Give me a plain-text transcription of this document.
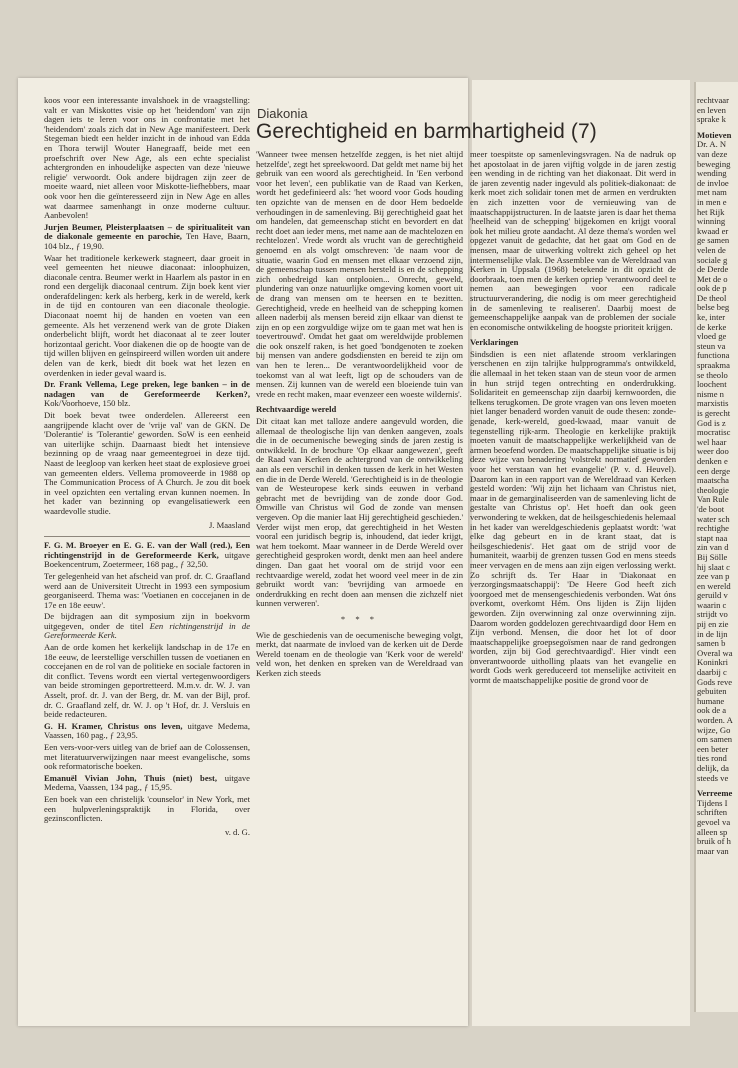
Diakonia
Gerechtigheid en barmhartigheid (7)

koos voor een interessante invalshoek in de vraagstelling: valt er van Miskottes visie op het 'heidendom' van zijn dagen iets te leren voor ons in confrontatie met het 'heidendom' zoals zich dat in New Age manifesteert. Derk Stegeman biedt een helder inzicht in de inhoud van Edda en Thora terwijl Wouter Hanegraaff, beide met een proefschrift over New Age, als een echte specialist achtergronden en inhoudelijke aspecten van deze 'nieuwe religie' verwoordt. Ook andere bijdragen zijn zeer de moeite waard, niet alleen voor Miskotte-liefhebbers, maar ook voor hen die geïnteresseerd zijn in New Age en alles wat daarmee samenhangt in onze moderne cultuur. Aanbevolen!

Jurjen Beumer, Pleisterplaatsen – de spiritualiteit van de diakonale gemeente en parochie, Ten Have, Baarn, 104 blz., ƒ 19,90.

Waar het traditionele kerkewerk stagneert, daar groeit in veel gemeenten het nieuwe diaconaat: inloophuizen, diaconale centra. Beumer werkt in Haarlem als pastor in en rond een dergelijk diaconaal centrum. Zijn boek kent vier onderafdelingen: kerk als herberg, kerk in de wereld, kerk in de tijd en contouren van een diaconale theologie. Diaconaat noemt hij de handen en voeten van een gemeente. Als het verzenend werk van de grote Diaken onderbelicht blijft, wordt het diaconaat al te zeer louter horizontaal gericht. Voor diakenen die op de hoogte van de tijd willen blijven en geïnspireerd willen worden uit andere delen van de kerk, biedt dit boek wat het lezen en overdenken in ieder geval waard is.

Dr. Frank Vellema, Lege preken, lege banken – in de nadagen van de Gereformeerde Kerken?, Kok/Voorhoeve, 150 blz.

Dit boek bevat twee onderdelen. Allereerst een aangrijpende klacht over de 'vrije val' van de GKN. De 'Dolerantie' is 'Tolerantie' geworden. SoW is een eenheid van uiterlijke schijn. Daarnaast biedt het intensieve bezinning op de vraag naar gemeentegroei in deze tijd. Naast de leegloop van kerken heet staat de explosieve groei van gemeenten elders. Vellema promoveerde in 1988 op The Communication Process of A Church. Je zou dit boek in veel opzichten een vertaling ervan kunnen noemen. In het kader van bezinning op evangelisatiewerk een waardevolle studie.

J. Maasland

F. G. M. Broeyer en E. G. E. van der Wall (red.), Een richtingenstrijd in de Gereformeerde Kerk, uitgave Boekencentrum, Zoetermeer, 168 pag., ƒ 32,50.

Ter gelegenheid van het afscheid van prof. dr. C. Graafland werd aan de Universiteit Utrecht in 1993 een symposium georganiseerd. Thema was: 'Voetianen en coccejanen in de 17e en 18e eeuw'.

De bijdragen aan dit symposium zijn in boekvorm uitgegeven, onder de titel Een richtingenstrijd in de Gereformeerde Kerk.

Aan de orde komen het kerkelijk landschap in de 17e en 18e eeuw, de leerstellige verschillen tussen de voetianen en coccejanen en de rol van de politieke en sociale factoren in dit conflict. Tevens wordt een viertal vertegenwoordigers van beide stromingen geportretteerd. M.m.v. dr. W. J. van Asselt, prof. dr. J. van der Berg, dr. M. van der Bijl, prof. dr. C. Graafland zelf, dr. W. J. op 't Hof, dr. J. Versluis en beide redacteuren.

G. H. Kramer, Christus ons leven, uitgave Medema, Vaassen, 160 pag., ƒ 23,95.

Een vers-voor-vers uitleg van de brief aan de Colossensen, met literatuurverwijzingen naar meest evangelische, soms ook reformatorische boeken.

Emanuël Vivian John, Thuis (niet) best, uitgave Medema, Vaassen, 134 pag., ƒ 15,95.

Een boek van een christelijk 'counselor' in New York, met een hulpverleningspraktijk in Florida, over gezinsconflicten.

v. d. G.

'Wanneer twee mensen hetzelfde zeggen, is het niet altijd hetzelfde', zegt het spreekwoord. Dat geldt met name bij het gebruik van een woord als gerechtigheid. In 'Een verbond voor het leven', een publikatie van de Raad van Kerken, wordt het gedefinieerd als: 'het woord voor Gods houding ten opzichte van de mensen en de door Hem bedoelde verhoudingen in de samenleving. Bij gerechtigheid gaat het om handelen, dat gemeenschap sticht en bevordert en dat recht doet aan ieder mens, met name aan de machtelozen en rechtelozen'. Vrede wordt als vrucht van de gerechtigheid genoemd en als volgt omschreven: 'de naam voor de situatie, waarin God en mensen met elkaar verzoend zijn, de gemeenschap tussen mensen hersteld is en de schepping zich onbedreigd kan ontplooien... Onrecht, geweld, plundering van onze natuurlijke omgeving komen voort uit de drang van mensen om te heersen en te bezitten. Gerechtigheid, vrede en heelheid van de schepping komen alleen naderbij als mensen bereid zijn elkaar van dienst te zijn en op een zorgvuldige wijze om te gaan met wat hen is toevertrouwd'. Omdat het gaat om wereldwijde problemen die ook onszelf raken, is het goed 'bondgenoten te zoeken bij mensen van andere godsdiensten en bereid te zijn om van hen te leren... De verantwoordelijkheid voor de toekomst van al wat leeft, ligt op de schouders van de mensen. Zij kunnen van de wereld een bloeiende tuin van vrede en recht maken, maar evenzeer een woeste wildernis'.

Rechtvaardige wereld

Dit citaat kan met talloze andere aangevuld worden, die allemaal de theologische lijn van denken aangeven, zoals die in de oecumenische beweging sinds de jaren zestig is ontwikkeld. In de brochure 'Op elkaar aangewezen', geeft de Raad van Kerken de achtergrond van de ontwikkeling aan als een verschil in denken tussen de kerk in het Westen en die in de Derde Wereld. 'Gerechtigheid is in de theologie van de Westeuropese kerk sinds eeuwen in verband gebracht met de bevrijding van de zonde door God. Omwille van Christus wil God de zonde van mensen vergeven. Op die manier laat Hij gerechtigheid geschieden.' Verder wijst men erop, dat gerechtigheid in het Westen vooral een juridisch begrip is, inhoudend, dat ieder krijgt, wat hem toekomt. Maar wanneer in de Derde Wereld over gerechtigheid gesproken wordt, denkt men aan heel andere dingen. Dan gaat het vooral om de strijd voor een rechtvaardige wereld, zodat het woord veel meer in de zin gebruikt wordt van: 'bevrijding van armoede en onderdrukking en recht doen aan mensen die zichzelf niet kunnen verweren'.

* * *

Wie de geschiedenis van de oecumenische beweging volgt, merkt, dat naarmate de invloed van de kerken uit de Derde Wereld toenam en de theologie van 'Kerk voor de wereld' veld won, het denken en spreken van de Wereldraad van Kerken zich steeds

meer toespitste op samenlevingsvragen. Na de nadruk op het apostolaat in de jaren vijftig volgde in de jaren zestig een wending in de richting van het diakonaat. Dit werd in de jaren zeventig nader ingevuld als politiek-diakonaat: de kerk moet zich solidair tonen met de armen en verdrukten en zich inzetten voor de vernieuwing van de maatschappijstructuren. In de laatste jaren is daar het thema 'heelheid van de schepping' bijgekomen en krijgt vooral ook het milieu grote aandacht. Al deze thema's worden wel opgezet vanuit de gedachte, dat het gaat om God en de mensen, maar de uitwerking voltrekt zich geheel op het intermenselijke vlak. De Assemblee van de Wereldraad van Kerken in Uppsala (1968) betekende in dit opzicht de doorbraak, toen men de kerken opriep 'verantwoord deel te nemen aan bewegingen voor een radicale structuurverandering, die nodig is om meer gerechtigheid in de samenleving te realiseren'. Daarbij moest de gemeenschappelijke aanpak van de problemen der sociale en economische ontwikkeling de hoogste prioriteit krijgen.

Verklaringen

Sindsdien is een niet aflatende stroom verklaringen verschenen en zijn talrijke hulpprogramma's ontwikkeld, die allemaal in het teken staan van de steun voor de armen in hun strijd tegen ontrechting en onderdrukking. Solidariteit en gemeenschap zijn daarbij kernwoorden, die telkens terugkomen. De grote vragen van ons leven moeten niet langer benaderd worden vanuit de oude thesen: zonde-genade, kerk-wereld, goed-kwaad, maar vanuit de tegenstelling rijk-arm. Theologie en kerkelijke praktijk moeten vanuit de maatschappelijke werkelijkheid van de armen beoefend worden. De maatschappelijke situatie is bij deze wijze van benadering 'volstrekt normatief geworden voor het verstaan van het evangelie' (P. v. d. Heuvel). Daarom kan in een rapport van de Wereldraad van Kerken gesteld worden: 'Wij zijn het lichaam van Christus niet, maar in de gemarginaliseerden van de samenleving licht de gestalte van Christus op'. Het hoeft dan ook geen verwondering te wekken, dat de heilsgeschiedenis helemaal in het kader van wereldgeschiedenis geplaatst wordt: 'wat elke dag gebeurt en in de krant staat, dat is heilsgeschiedenis'. Het gaat om de strijd voor de humaniteit, waarbij de grenzen tussen God en mens steeds meer vervagen en de mens aan zijn eigen verlossing werkt. Zo schrijft ds. Ter Haar in 'Diakonaat en verzorgingsmaatschappij': 'De Heere God heeft zich voorgoed met de mensengeschiedenis verbonden. Wat óns overkomt, overkomt Hém. Ons lijden is Zijn lijden geworden. Zijn overwinning zal onze overwinning zijn. Daarom worden goddelozen gerechtvaardigd door Hem en Zijn verbond. Mensen, die door het lot of door maatschappelijke groepsegoïsmen naar de rand gedrongen worden, zijn bij God gerechtvaardigd'. Hier vindt een onverantwoorde uitholling plaats van het evangelie en wordt Gods werk gereduceerd tot menselijke activiteit en vormt de maatschappelijke positie de grond voor de

rechtvaar

en leven

sprake k

Motieven

Dr. A. N

van deze

beweging

wending

de invloe

met nam

in men e

het Rijk

winning

kwaad er

ge samen

velen de

sociale g

de Derde

Met de o

ook de p

De theol

belse beg

ke, inter

de kerke

vloed ge

steun va

functiona

spraakma

se theolo

loochent

nisme n

marxistis

is gerecht

God is z

mocratisc

wel haar

weer doo

denken e

een derge

maatscha

theologie

Van Rule

'de boot

water sch

rechtighe

stapt naa

zin van d

Bij Sölle

hij slaat c

zee van p

en wereld

geruild v

waarin c

strijdt vo

pij en zie

in de lijn

samen b

Overal wa

Koninkri

daarbij c

Gods reve

gebuiten

humane

ook de a

worden. A

wijze, Go

om samen

een beter

ties rond

delijk, da

steeds ve

Verreeme

Tijdens I

schriften

gevoel va

alleen sp

bruik of h

maar van
